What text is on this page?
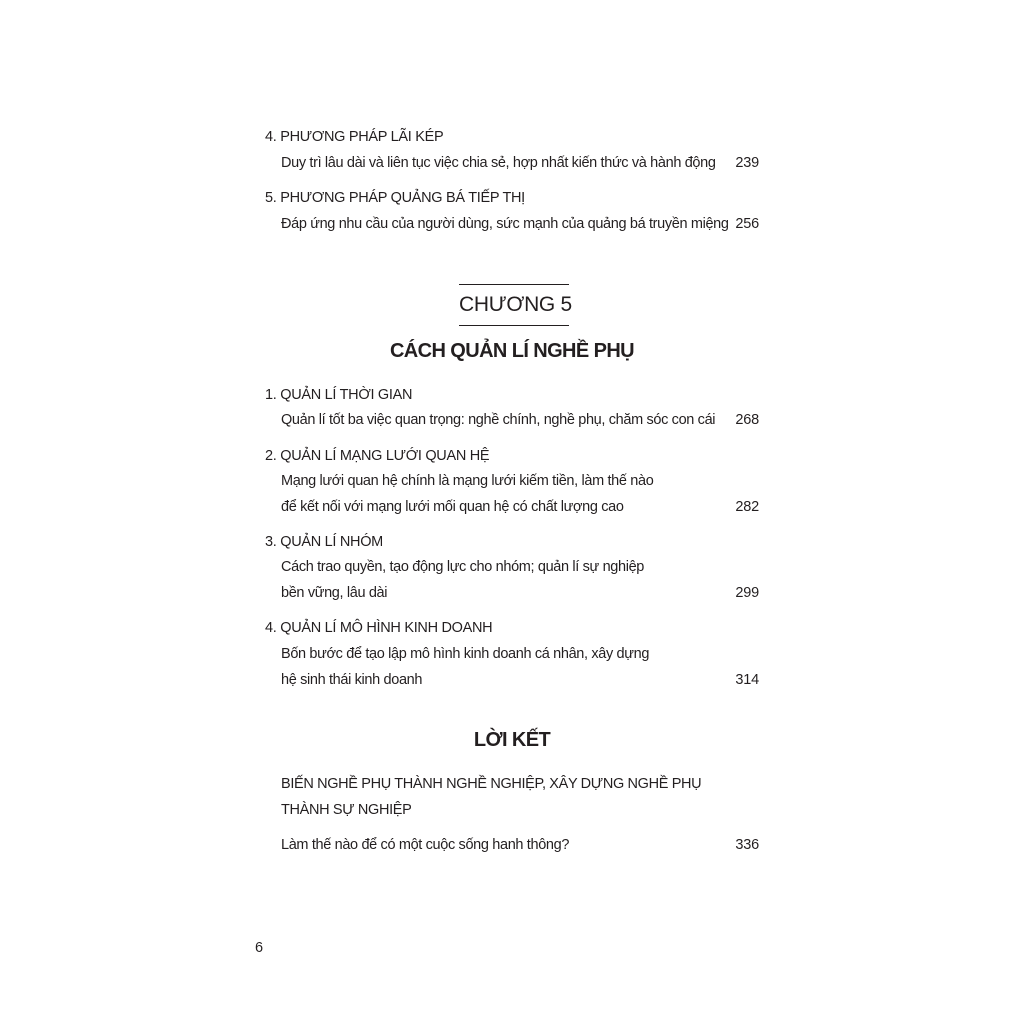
4. PHƯƠNG PHÁP LÃI KÉP
Duy trì lâu dài và liên tục việc chia sẻ, hợp nhất kiến thức và hành động 239
5. PHƯƠNG PHÁP QUẢNG BÁ TIẾP THỊ
Đáp ứng nhu cầu của người dùng, sức mạnh của quảng bá truyền miệng 256
CHƯƠNG 5
CÁCH QUẢN LÍ NGHỀ PHỤ
1. QUẢN LÍ THỜI GIAN
Quản lí tốt ba việc quan trọng: nghề chính, nghề phụ, chăm sóc con cái 268
2. QUẢN LÍ MẠNG LƯỚI QUAN HỆ
Mạng lưới quan hệ chính là mạng lưới kiếm tiền, làm thế nào
để kết nối với mạng lưới mối quan hệ có chất lượng cao	282
3. QUẢN LÍ NHÓM
Cách trao quyền, tạo động lực cho nhóm; quản lí sự nghiệp
bền vững, lâu dài	299
4. QUẢN LÍ MÔ HÌNH KINH DOANH
Bốn bước để tạo lập mô hình kinh doanh cá nhân, xây dựng
hệ sinh thái kinh doanh	314
LỜI KẾT
BIẾN NGHỀ PHỤ THÀNH NGHỀ NGHIỆP, XÂY DỰNG NGHỀ PHỤ
THÀNH SỰ NGHIỆP
Làm thế nào để có một cuộc sống hanh thông?	336
6
